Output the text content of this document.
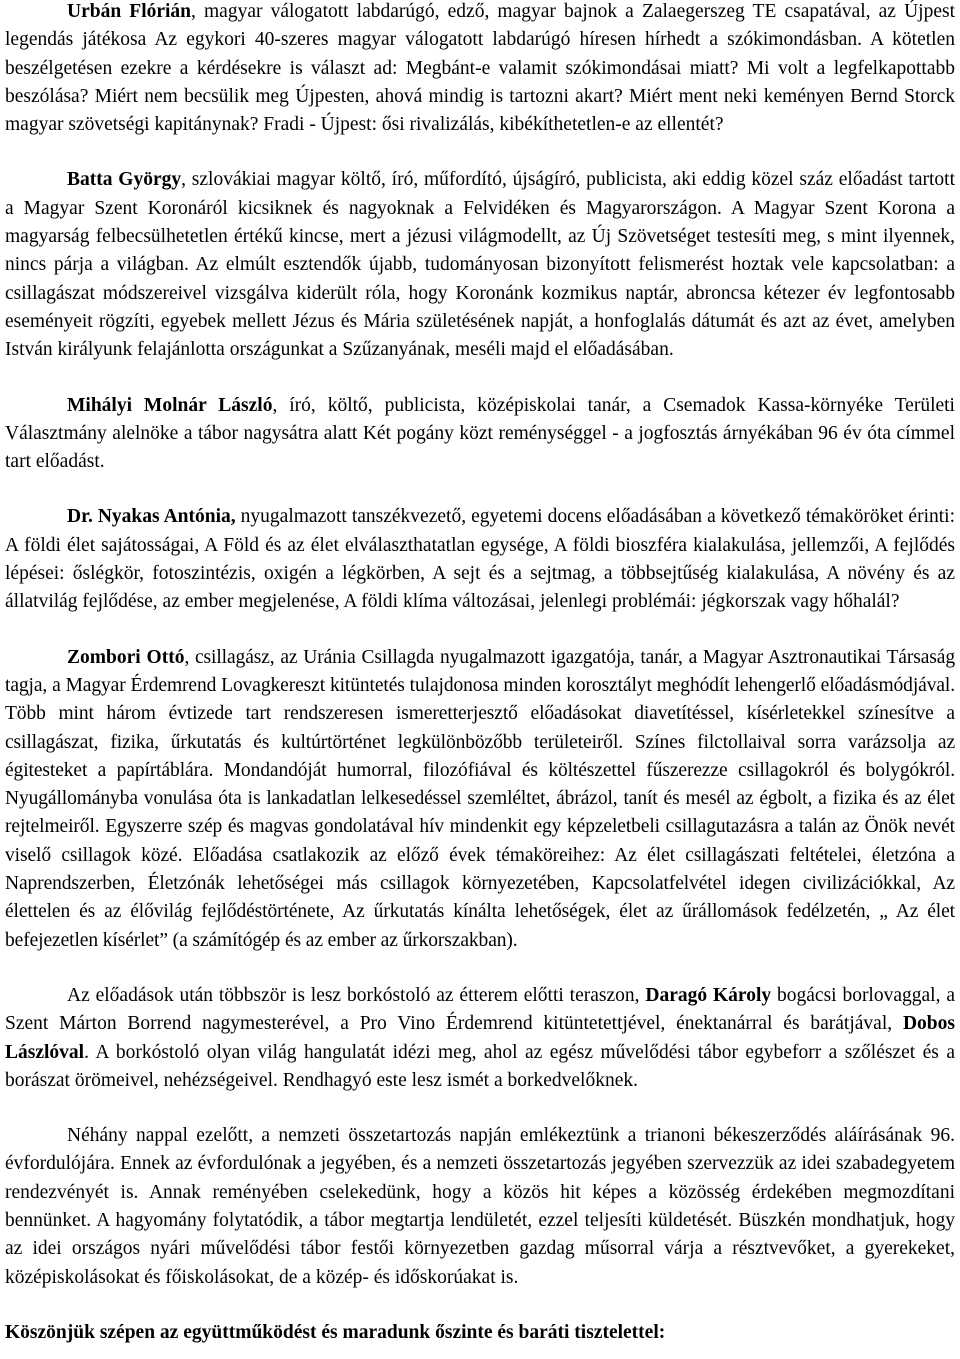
Urbán Flórián, magyar válogatott labdarúgó, edző, magyar bajnok a Zalaegerszeg TE csapatával, az Újpest legendás játékosa Az egykori 40-szeres magyar válogatott labdarúgó híresen hírhedt a szókimondásban. A kötetlen beszélgetésen ezekre a kérdésekre is választ ad: Megbánt-e valamit szókimondásai miatt? Mi volt a legfelkapottabb beszólása? Miért nem becsülik meg Újpesten, ahová mindig is tartozni akart? Miért ment neki keményen Bernd Storck magyar szövetségi kapitánynak? Fradi - Újpest: ősi rivalizálás, kibékíthetetlen-e az ellentét?

Batta György, szlovákiai magyar költő, író, műfordító, újságíró, publicista, aki eddig közel száz előadást tartott a Magyar Szent Koronáról kicsiknek és nagyoknak a Felvidéken és Magyarországon. A Magyar Szent Korona a magyarság felbecsülhetetlen értékű kincse, mert a jézusi világmodellt, az Új Szövetséget testesíti meg, s mint ilyennek, nincs párja a világban. Az elmúlt esztendők újabb, tudományosan bizonyított felismerést hoztak vele kapcsolatban: a csillagászat módszereivel vizsgálva kiderült róla, hogy Koronánk kozmikus naptár, abroncsa kétezer év legfontosabb eseményeit rögzíti, egyebek mellett Jézus és Mária születésének napját, a honfoglalás dátumát és azt az évet, amelyben István királyunk felajánlotta országunkat a Szűzanyának, meséli majd el előadásában.

Mihályi Molnár László, író, költő, publicista, középiskolai tanár, a Csemadok Kassa-környéke Területi Választmány alelnöke a tábor nagysátra alatt Két pogány közt reménységgel - a jogfosztás árnyékában 96 év óta címmel tart előadást.

Dr. Nyakas Antónia, nyugalmazott tanszékvezető, egyetemi docens előadásában a következő témaköröket érinti: A földi élet sajátosságai, A Föld és az élet elválaszthatatlan egysége, A földi bioszféra kialakulása, jellemzői, A fejlődés lépései: őslégkör, fotoszintézis, oxigén a légkörben, A sejt és a sejtmag, a többsejtűség kialakulása, A növény és az állatvilág fejlődése, az ember megjelenése, A földi klíma változásai, jelenlegi problémái: jégkorszak vagy hőhalál?

Zombori Ottó, csillagász, az Uránia Csillagda nyugalmazott igazgatója, tanár, a Magyar Asztronautikai Társaság tagja, a Magyar Érdemrend Lovagkereszt kitüntetés tulajdonosa minden korosztályt meghódít lehengerlő előadásmódjával. Több mint három évtizede tart rendszeresen ismeretterjesztő előadásokat diavetítéssel, kísérletekkel színesítve a csillagászat, fizika, űrkutatás és kultúrtörténet legkülönbözőbb területeiről. Színes filctollaival sorra varázsolja az égitesteket a papírtáblára. Mondandóját humorral, filozófiával és költészettel fűszerezze csillagokról és bolygókról. Nyugállományba vonulása óta is lankadatlan lelkesedéssel szemléltet, ábrázol, tanít és mesél az égbolt, a fizika és az élet rejtelmeiről. Egyszerre szép és magvas gondolatával hív mindenkit egy képzeletbeli csillagutazásra a talán az Önök nevét viselő csillagok közé. Előadása csatlakozik az előző évek témaköreihez: Az élet csillagászati feltételei, életzóna a Naprendszerben, Életzónák lehetőségei más csillagok környezetében, Kapcsolatfelvétel idegen civilizációkkal, Az élettelen és az élővilág fejlődéstörténete, Az űrkutatás kínálta lehetőségek, élet az űrállomások fedélzetén, „ Az élet befejezetlen kísérlet” (a számítógép és az ember az űrkorszakban).

Az előadások után többször is lesz borkóstoló az étterem előtti teraszon, Daragó Károly bogácsi borlovaggal, a Szent Márton Borrend nagymesterével, a Pro Vino Érdemrend kitüntetettjével, énektanárral és barátjával, Dobos Lászlóval. A borkóstoló olyan világ hangulatát idézi meg, ahol az egész művelődési tábor egybeforr a szőlészet és a borászat örömeivel, nehézségeivel. Rendhagyó este lesz ismét a borkedvelőknek.

Néhány nappal ezelőtt, a nemzeti összetartozás napján emlékeztünk a trianoni békeszerződés aláírásának 96. évfordulójára. Ennek az évfordulónak a jegyében, és a nemzeti összetartozás jegyében szervezzük az idei szabadegyetem rendezvényét is. Annak reményében cselekedünk, hogy a közös hit képes a közösség érdekében megmozdítani bennünket. A hagyomány folytatódik, a tábor megtartja lendületét, ezzel teljesíti küldetését. Büszkén mondhatjuk, hogy az idei országos nyári művelődési tábor festői környezetben gazdag műsorral várja a résztvevőket, a gyerekeket, középiskolásokat és főiskolásokat, de a közép- és időskorúakat is.

Köszönjük szépen az együttműködést és maradunk őszinte és baráti tisztelettel:
